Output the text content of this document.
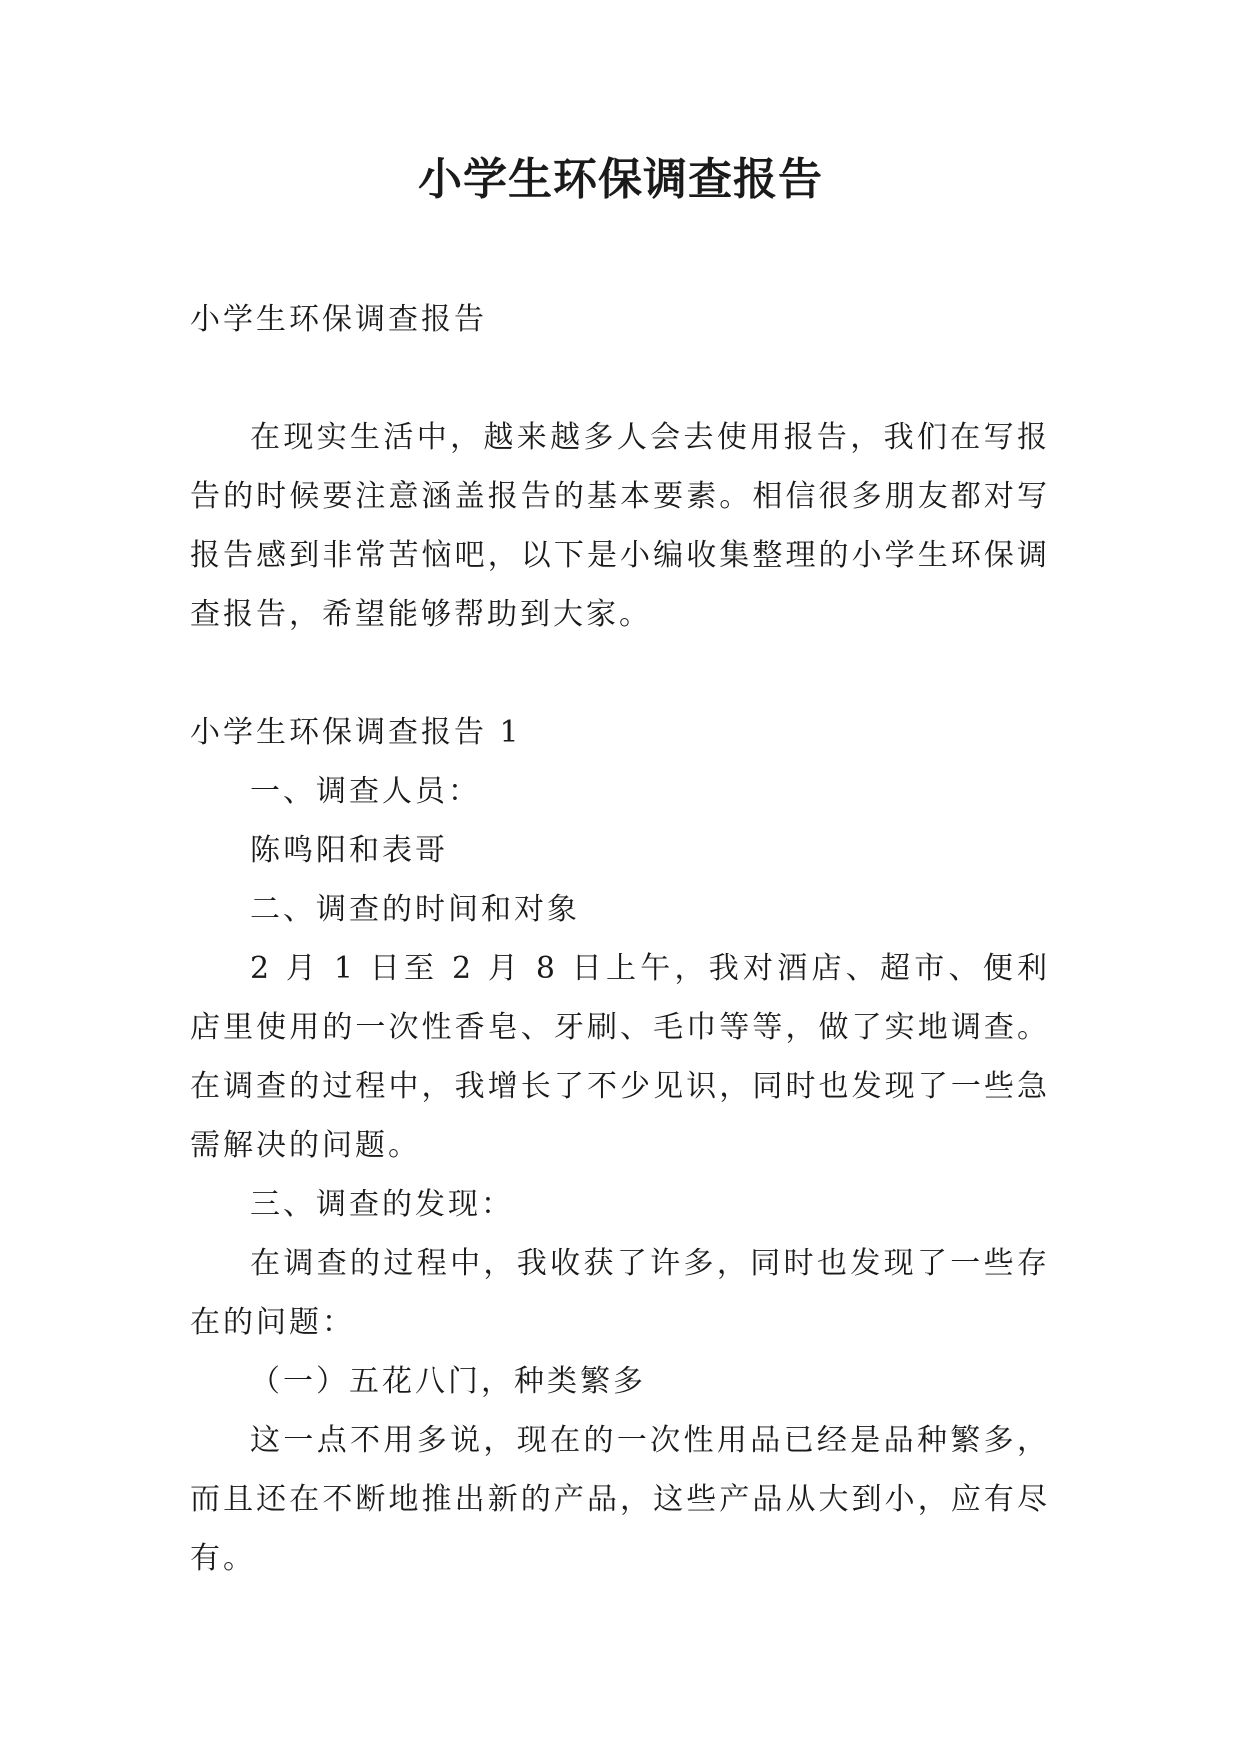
小学生环保调查报告
小学生环保调查报告

在现实生活中，越来越多人会去使用报告，我们在写报告的时候要注意涵盖报告的基本要素。相信很多朋友都对写报告感到非常苦恼吧，以下是小编收集整理的小学生环保调查报告，希望能够帮助到大家。

小学生环保调查报告 1

一、调查人员：

陈鸣阳和表哥

二、调查的时间和对象

2 月 1 日至 2 月 8 日上午，我对酒店、超市、便利店里使用的一次性香皂、牙刷、毛巾等等，做了实地调查。在调查的过程中，我增长了不少见识，同时也发现了一些急需解决的问题。

三、调查的发现：

在调查的过程中，我收获了许多，同时也发现了一些存在的问题：

（一）五花八门，种类繁多

这一点不用多说，现在的一次性用品已经是品种繁多，而且还在不断地推出新的产品，这些产品从大到小，应有尽有。
